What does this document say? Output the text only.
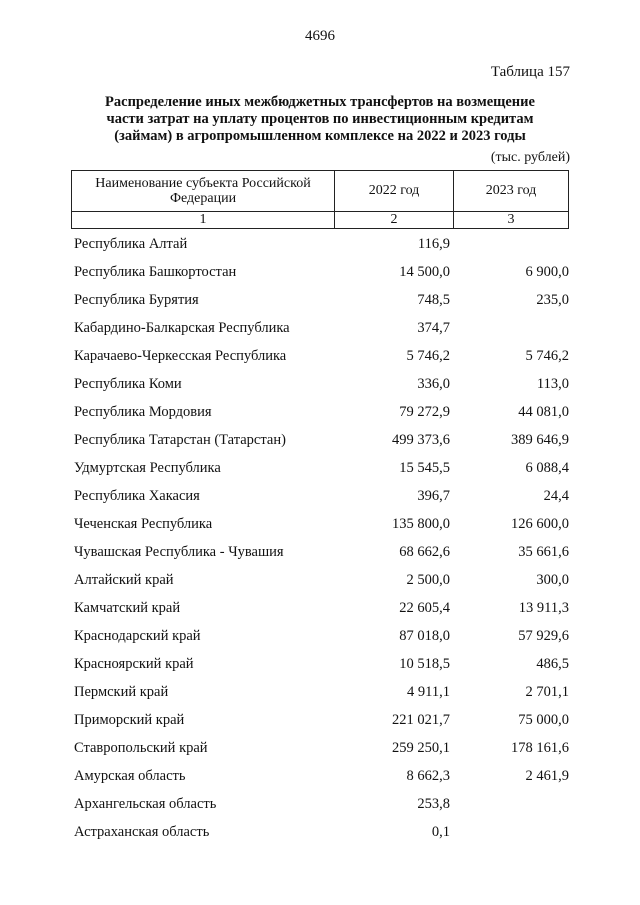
4696
Таблица 157
Распределение иных межбюджетных трансфертов на возмещение
части затрат на уплату процентов по инвестиционным кредитам
(займам) в агропромышленном комплексе на 2022 и 2023 годы
(тыс. рублей)
Наименование субъекта Российской
Федерации	2022 год	2023 год
1	2	3
Республика Алтай	116,9
Республика Башкортостан	14 500,0	6 900,0
Республика Бурятия	748,5	235,0
Кабардино-Балкарская Республика	374,7
Карачаево-Черкесская Республика	5 746,2	5 746,2
Республика Коми	336,0	113,0
Республика Мордовия	79 272,9	44 081,0
Республика Татарстан (Татарстан)	499 373,6	389 646,9
Удмуртская Республика	15 545,5	6 088,4
Республика Хакасия	396,7	24,4
Чеченская Республика	135 800,0	126 600,0
Чувашская Республика - Чувашия	68 662,6	35 661,6
Алтайский край	2 500,0	300,0
Камчатский край	22 605,4	13 911,3
Краснодарский край	87 018,0	57 929,6
Красноярский край	10 518,5	486,5
Пермский край	4 911,1	2 701,1
Приморский край	221 021,7	75 000,0
Ставропольский край	259 250,1	178 161,6
Амурская область	8 662,3	2 461,9
Архангельская область	253,8
Астраханская область	0,1
